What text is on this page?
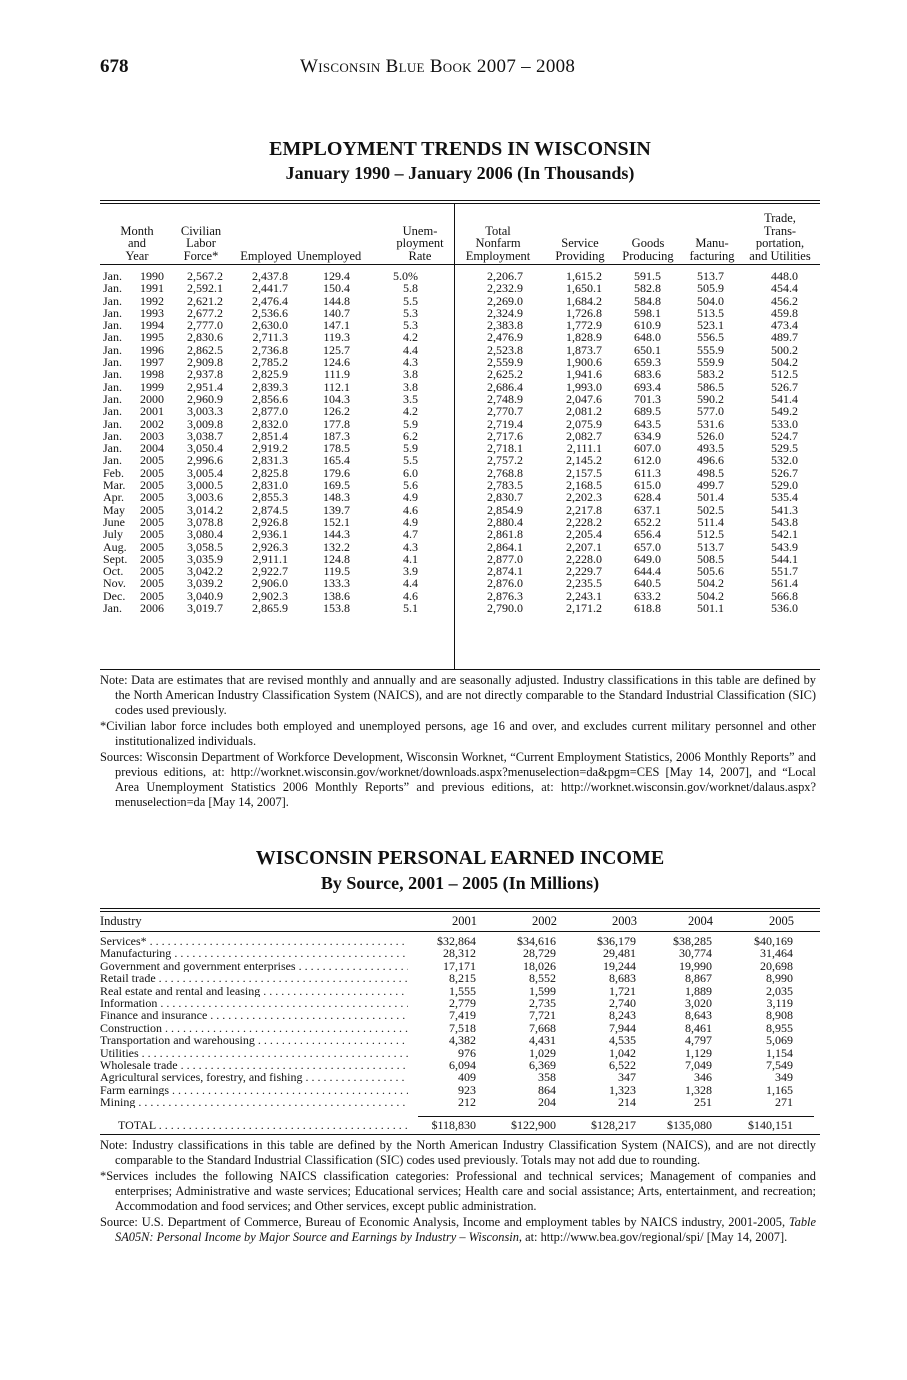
678	Wisconsin Blue Book 2007 – 2008
EMPLOYMENT TRENDS IN WISCONSIN
January 1990 – January 2006 (In Thousands)
Month
and
Year
Civilian
Labor
Force*	Employed Unemployed
Unem-
ployment
Rate
Total
Nonfarm
Employment
Service
Providing
Goods
Producing
Manu-
facturing
Trade,
Trans-
portation,
and Utilities
Jan. 1990 2,567.2 2,437.8	129.4	5.0%	2,206.7	1,615.2	591.5	513.7	448.0
Jan. 1991 2,592.1 2,441.7	150.4	5.8	2,232.9	1,650.1	582.8	505.9	454.4
Jan. 1992 2,621.2 2,476.4	144.8	5.5	2,269.0	1,684.2	584.8	504.0	456.2
Jan. 1993 2,677.2 2,536.6	140.7	5.3	2,324.9	1,726.8	598.1	513.5	459.8
Jan. 1994 2,777.0 2,630.0	147.1	5.3	2,383.8	1,772.9	610.9	523.1	473.4
Jan. 1995 2,830.6 2,711.3	119.3	4.2	2,476.9	1,828.9	648.0	556.5	489.7
Jan. 1996 2,862.5 2,736.8	125.7	4.4	2,523.8	1,873.7	650.1	555.9	500.2
Jan. 1997 2,909.8 2,785.2	124.6	4.3	2,559.9	1,900.6	659.3	559.9	504.2
Jan. 1998 2,937.8 2,825.9	111.9	3.8	2,625.2	1,941.6	683.6	583.2	512.5
Jan. 1999 2,951.4 2,839.3	112.1	3.8	2,686.4	1,993.0	693.4	586.5	526.7
Jan. 2000 2,960.9 2,856.6	104.3	3.5	2,748.9	2,047.6	701.3	590.2	541.4
Jan. 2001 3,003.3 2,877.0	126.2	4.2	2,770.7	2,081.2	689.5	577.0	549.2
Jan. 2002 3,009.8 2,832.0	177.8	5.9	2,719.4	2,075.9	643.5	531.6	533.0
Jan. 2003 3,038.7 2,851.4	187.3	6.2	2,717.6	2,082.7	634.9	526.0	524.7
Jan. 2004 3,050.4 2,919.2	178.5	5.9	2,718.1	2,111.1	607.0	493.5	529.5
Jan. 2005 2,996.6 2,831.3	165.4	5.5	2,757.2	2,145.2	612.0	496.6	532.0
Feb. 2005 3,005.4 2,825.8	179.6	6.0	2,768.8	2,157.5	611.3	498.5	526.7
Mar. 2005 3,000.5 2,831.0	169.5	5.6	2,783.5	2,168.5	615.0	499.7	529.0
Apr. 2005 3,003.6 2,855.3	148.3	4.9	2,830.7	2,202.3	628.4	501.4	535.4
May 2005 3,014.2 2,874.5	139.7	4.6	2,854.9	2,217.8	637.1	502.5	541.3
June 2005 3,078.8 2,926.8	152.1	4.9	2,880.4	2,228.2	652.2	511.4	543.8
July 2005 3,080.4 2,936.1	144.3	4.7	2,861.8	2,205.4	656.4	512.5	542.1
Aug. 2005 3,058.5 2,926.3	132.2	4.3	2,864.1	2,207.1	657.0	513.7	543.9
Sept. 2005 3,035.9 2,911.1	124.8	4.1	2,877.0	2,228.0	649.0	508.5	544.1
Oct. 2005 3,042.2 2,922.7	119.5	3.9	2,874.1	2,229.7	644.4	505.6	551.7
Nov. 2005 3,039.2 2,906.0	133.3	4.4	2,876.0	2,235.5	640.5	504.2	561.4
Dec. 2005 3,040.9 2,902.3	138.6	4.6	2,876.3	2,243.1	633.2	504.2	566.8
Jan. 2006 3,019.7 2,865.9	153.8	5.1	2,790.0	2,171.2	618.8	501.1	536.0

Note: Data are estimates that are revised monthly and annually and are seasonally adjusted. Industry classifications in this table are defined by the North American Industry Classification System (NAICS), and are not directly comparable to the Standard Industrial Classification (SIC) codes used previously.

*Civilian labor force includes both employed and unemployed persons, age 16 and over, and excludes current military personnel and other institutionalized individuals.

Sources: Wisconsin Department of Workforce Development, Wisconsin Worknet, “Current Employment Statistics, 2006 Monthly Reports” and previous editions, at: http://worknet.wisconsin.gov/worknet/downloads.aspx?menuselection=da&pgm=CES [May 14, 2007], and “Local Area Unemployment Statistics 2006 Monthly Reports” and previous editions, at: http://worknet.wisconsin.gov/worknet/dalaus.aspx?menuselection=da [May 14, 2007].

WISCONSIN PERSONAL EARNED INCOME
By Source, 2001 – 2005 (In Millions)
Industry	2001	2002	2003	2004	2005
Services* . . .	$32,864	$34,616	$36,179	$38,285	$40,169
Manufacturing . . .	28,312	28,729	29,481	30,774	31,464
Government and government enterprises . . .	17,171	18,026	19,244	19,990	20,698
Retail trade . . .	8,215	8,552	8,683	8,867	8,990
Real estate and rental and leasing . . .	1,555	1,599	1,721	1,889	2,035
Information . . .	2,779	2,735	2,740	3,020	3,119
Finance and insurance . . .	7,419	7,721	8,243	8,643	8,908
Construction . . .	7,518	7,668	7,944	8,461	8,955
Transportation and warehousing . . .	4,382	4,431	4,535	4,797	5,069
Utilities . . .	976	1,029	1,042	1,129	1,154
Wholesale trade . . .	6,094	6,369	6,522	7,049	7,549
Agricultural services, forestry, and fishing . . .	409	358	347	346	349
Farm earnings . . .	923	864	1,323	1,328	1,165
Mining . . .	212	204	214	251	271
TOTAL . . .	$118,830	$122,900	$128,217	$135,080	$140,151

Note: Industry classifications in this table are defined by the North American Industry Classification System (NAICS), and are not directly comparable to the Standard Industrial Classification (SIC) codes used previously. Totals may not add due to rounding.

*Services includes the following NAICS classification categories: Professional and technical services; Management of companies and enterprises; Administrative and waste services; Educational services; Health care and social assistance; Arts, entertainment, and recreation; Accommodation and food services; and Other services, except public administration.

Source: U.S. Department of Commerce, Bureau of Economic Analysis, Income and employment tables by NAICS industry, 2001-2005, Table SA05N: Personal Income by Major Source and Earnings by Industry – Wisconsin, at: http://www.bea.gov/regional/spi/ [May 14, 2007].
